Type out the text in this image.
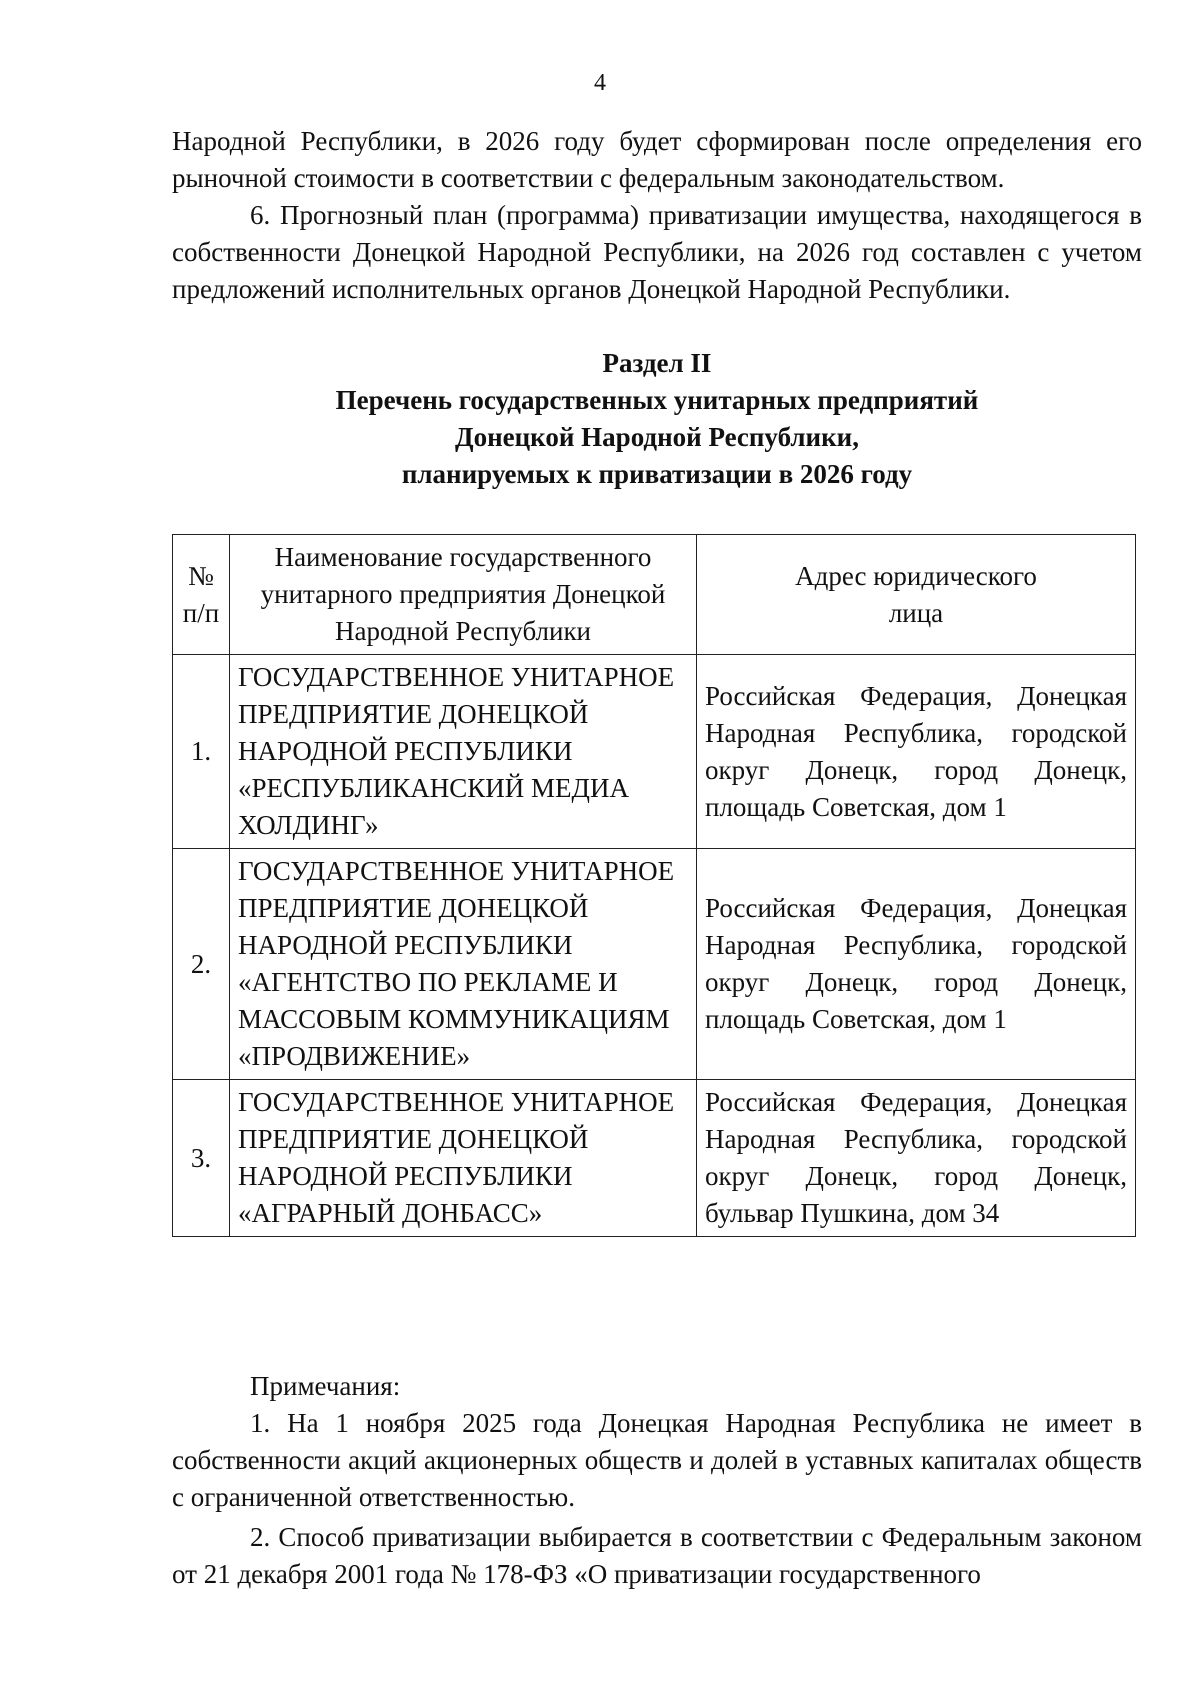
4

Народной Республики, в 2026 году будет сформирован после определения его рыночной стоимости в соответствии с федеральным законодательством.

6. Прогнозный план (программа) приватизации имущества, находящегося в собственности Донецкой Народной Республики, на 2026 год составлен с учетом предложений исполнительных органов Донецкой Народной Республики.

Раздел II
Перечень государственных унитарных предприятий
Донецкой Народной Республики,
планируемых к приватизации в 2026 году
№ п/п	Наименование государственного унитарного предприятия Донецкой Народной Республики	Адрес юридического лица
1.	ГОСУДАРСТВЕННОЕ УНИТАРНОЕ ПРЕДПРИЯТИЕ ДОНЕЦКОЙ НАРОДНОЙ РЕСПУБЛИКИ «РЕСПУБЛИКАНСКИЙ МЕДИА ХОЛДИНГ»	Российская Федерация, Донецкая Народная Республика, городской округ Донецк, город Донецк, площадь Советская, дом 1
2.	ГОСУДАРСТВЕННОЕ УНИТАРНОЕ ПРЕДПРИЯТИЕ ДОНЕЦКОЙ НАРОДНОЙ РЕСПУБЛИКИ «АГЕНТСТВО ПО РЕКЛАМЕ И МАССОВЫМ КОММУНИКАЦИЯМ «ПРОДВИЖЕНИЕ»	Российская Федерация, Донецкая Народная Республика, городской округ Донецк, город Донецк, площадь Советская, дом 1
3.	ГОСУДАРСТВЕННОЕ УНИТАРНОЕ ПРЕДПРИЯТИЕ ДОНЕЦКОЙ НАРОДНОЙ РЕСПУБЛИКИ «АГРАРНЫЙ ДОНБАСС»	Российская Федерация, Донецкая Народная Республика, городской округ Донецк, город Донецк, бульвар Пушкина, дом 34
Примечания:

1. На 1 ноября 2025 года Донецкая Народная Республика не имеет в собственности акций акционерных обществ и долей в уставных капиталах обществ с ограниченной ответственностью.

2. Способ приватизации выбирается в соответствии с Федеральным законом от 21 декабря 2001 года № 178-ФЗ «О приватизации государственного
